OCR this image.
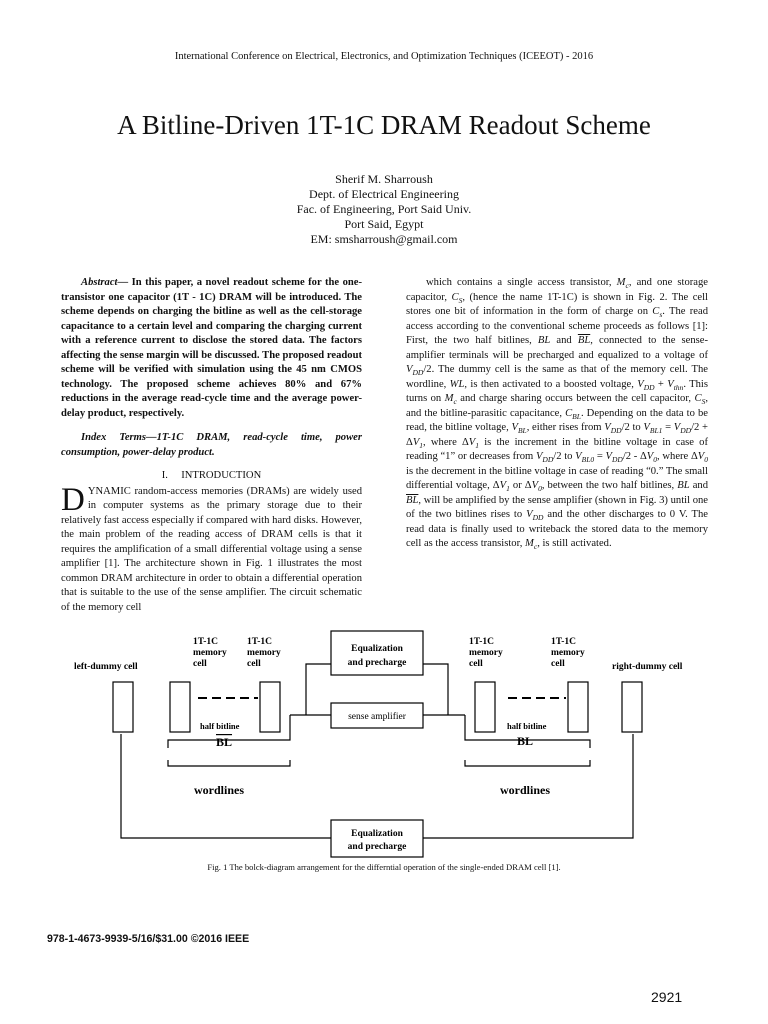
International Conference on Electrical, Electronics, and Optimization Techniques (ICEEOT) - 2016
A Bitline-Driven 1T-1C DRAM Readout Scheme
Sherif M. Sharroush
Dept. of Electrical Engineering
Fac. of Engineering, Port Said Univ.
Port Said, Egypt
EM: smsharroush@gmail.com

Abstract— In this paper, a novel readout scheme for the one-transistor one capacitor (1T - 1C) DRAM will be introduced. The scheme depends on charging the bitline as well as the cell-storage capacitance to a certain level and comparing the charging current with a reference current to disclose the stored data. The factors affecting the sense margin will be discussed. The proposed readout scheme will be verified with simulation using the 45 nm CMOS technology. The proposed scheme achieves 80% and 67% reductions in the average read-cycle time and the average power-delay product, respectively.

Index Terms—1T-1C DRAM, read-cycle time, power consumption, power-delay product.

I. INTRODUCTION

DYNAMIC random-access memories (DRAMs) are widely used in computer systems as the primary storage due to their relatively fast access especially if compared with hard disks. However, the main problem of the reading access of DRAM cells is that it requires the amplification of a small differential voltage using a sense amplifier [1]. The architecture shown in Fig. 1 illustrates the most common DRAM architecture in order to obtain a differential operation that is suitable to the use of the sense amplifier. The circuit schematic of the memory cell

which contains a single access transistor, $M_c$, and one storage capacitor, $C_S$, (hence the name 1T-1C) is shown in Fig. 2. The cell stores one bit of information in the form of charge on $C_s$. The read access according to the conventional scheme proceeds as follows [1]: First, the two half bitlines, BL and $\overline{BL}$, connected to the sense-amplifier terminals will be precharged and equalized to a voltage of $V_{DD}/2$. The dummy cell is the same as that of the memory cell. The wordline, WL, is then activated to a boosted voltage, $V_{DD} + V_{thn}$. This turns on $M_c$ and charge sharing occurs between the cell capacitor, $C_S$, and the bitline-parasitic capacitance, $C_{BL}$. Depending on the data to be read, the bitline voltage, $V_{BL}$, either rises from $V_{DD}/2$ to $V_{BL1} = V_{DD}/2 + \Delta V_1$, where $\Delta V_1$ is the increment in the bitline voltage in case of reading “1” or decreases from $V_{DD}/2$ to $V_{BL0} = V_{DD}/2 - \Delta V_0$, where $\Delta V_0$ is the decrement in the bitline voltage in case of reading “0.” The small differential voltage, $\Delta V_1$ or $\Delta V_0$, between the two half bitlines, BL and $\overline{BL}$, will be amplified by the sense amplifier (shown in Fig. 3) until one of the two bitlines rises to $V_{DD}$ and the other discharges to 0 V. The read data is finally used to writeback the stored data to the memory cell as the access transistor, $M_c$, is still activated.

left-dummy cell	right-dummy cell
1T-1C
memory
cell
1T-1C
memory
cell
1T-1C
memory
cell
1T-1C
memory
cell
Equalization
and precharge
sense amplifier
Equalization
and precharge
half bitline	half bitline
BL	BL
wordlines	wordlines
Fig. 1 The bolck-diagram arrangement for the differntial operation of the single-ended DRAM cell [1].
978-1-4673-9939-5/16/$31.00 ©2016 IEEE
2921
